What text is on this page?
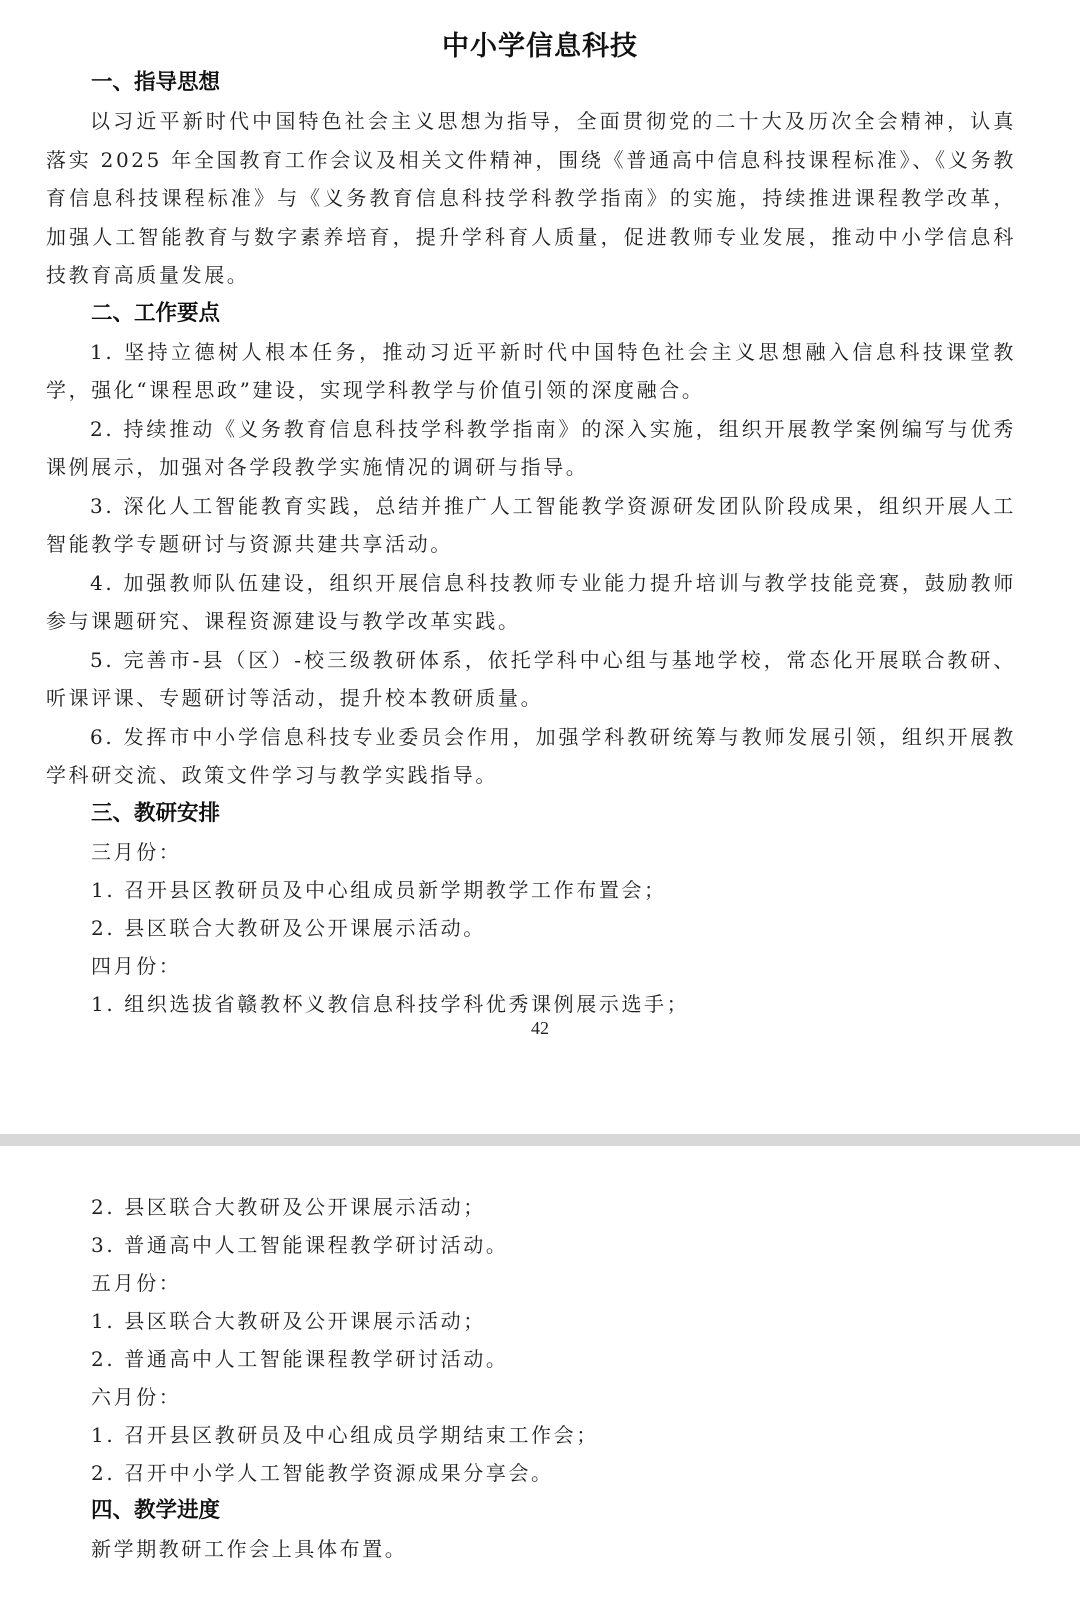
中小学信息科技
一、指导思想

以习近平新时代中国特色社会主义思想为指导，全面贯彻党的二十大及历次全会精神，认真落实 2025 年全国教育工作会议及相关文件精神，围绕《普通高中信息科技课程标准》、《义务教育信息科技课程标准》与《义务教育信息科技学科教学指南》的实施，持续推进课程教学改革，加强人工智能教育与数字素养培育，提升学科育人质量，促进教师专业发展，推动中小学信息科技教育高质量发展。

二、工作要点

1. 坚持立德树人根本任务，推动习近平新时代中国特色社会主义思想融入信息科技课堂教学，强化“课程思政”建设，实现学科教学与价值引领的深度融合。

2. 持续推动《义务教育信息科技学科教学指南》的深入实施，组织开展教学案例编写与优秀课例展示，加强对各学段教学实施情况的调研与指导。

3. 深化人工智能教育实践，总结并推广人工智能教学资源研发团队阶段成果，组织开展人工智能教学专题研讨与资源共建共享活动。

4. 加强教师队伍建设，组织开展信息科技教师专业能力提升培训与教学技能竞赛，鼓励教师参与课题研究、课程资源建设与教学改革实践。

5. 完善市-县（区）-校三级教研体系，依托学科中心组与基地学校，常态化开展联合教研、听课评课、专题研讨等活动，提升校本教研质量。

6. 发挥市中小学信息科技专业委员会作用，加强学科教研统筹与教师发展引领，组织开展教学科研交流、政策文件学习与教学实践指导。

三、教研安排
三月份：
1. 召开县区教研员及中心组成员新学期教学工作布置会；
2. 县区联合大教研及公开课展示活动。
四月份：
1. 组织选拔省赣教杯义教信息科技学科优秀课例展示选手；
42
2. 县区联合大教研及公开课展示活动；
3. 普通高中人工智能课程教学研讨活动。
五月份：
1. 县区联合大教研及公开课展示活动；
2. 普通高中人工智能课程教学研讨活动。
六月份：
1. 召开县区教研员及中心组成员学期结束工作会；
2. 召开中小学人工智能教学资源成果分享会。
四、教学进度
新学期教研工作会上具体布置。
